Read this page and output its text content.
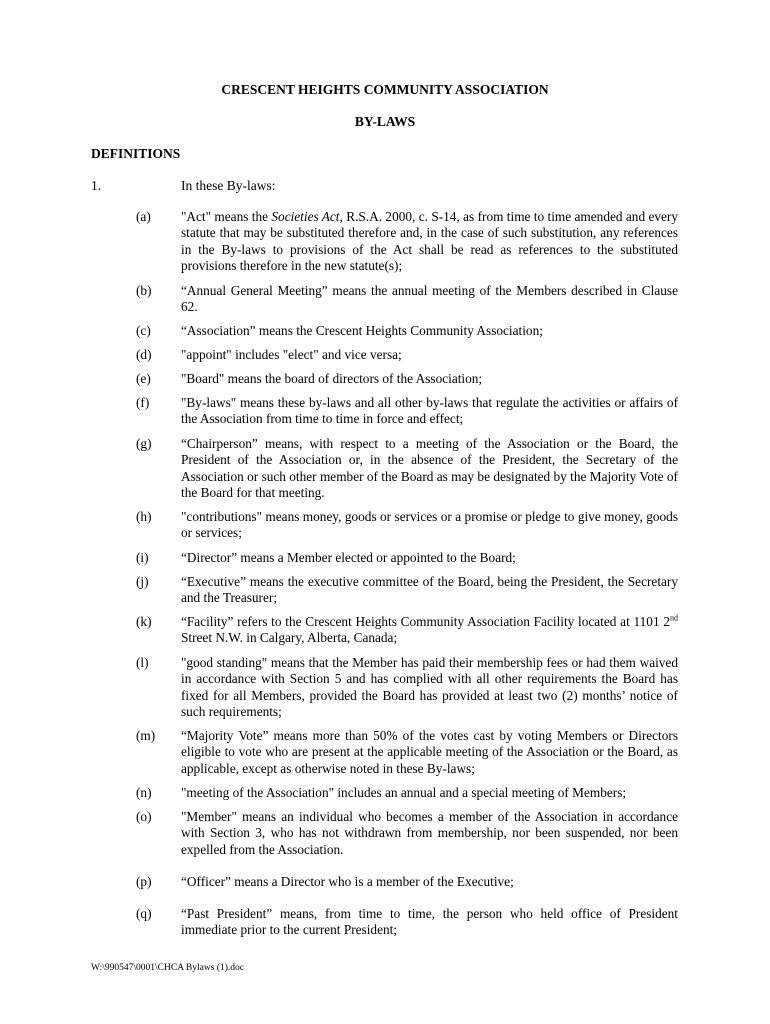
CRESCENT HEIGHTS COMMUNITY ASSOCIATION
BY-LAWS
DEFINITIONS
1.	In these By-laws:
(a) "Act" means the Societies Act, R.S.A. 2000, c. S-14, as from time to time amended and every statute that may be substituted therefore and, in the case of such substitution, any references in the By-laws to provisions of the Act shall be read as references to the substituted provisions therefore in the new statute(s);
(b) “Annual General Meeting” means the annual meeting of the Members described in Clause 62.
(c) “Association” means the Crescent Heights Community Association;
(d) "appoint" includes "elect" and vice versa;
(e) "Board" means the board of directors of the Association;
(f) "By-laws" means these by-laws and all other by-laws that regulate the activities or affairs of the Association from time to time in force and effect;
(g) “Chairperson” means, with respect to a meeting of the Association or the Board, the President of the Association or, in the absence of the President, the Secretary of the Association or such other member of the Board as may be designated by the Majority Vote of the Board for that meeting.
(h) "contributions" means money, goods or services or a promise or pledge to give money, goods or services;
(i) “Director” means a Member elected or appointed to the Board;
(j) “Executive” means the executive committee of the Board, being the President, the Secretary and the Treasurer;
(k) “Facility” refers to the Crescent Heights Community Association Facility located at 1101 2nd Street N.W. in Calgary, Alberta, Canada;
(l) "good standing" means that the Member has paid their membership fees or had them waived in accordance with Section 5 and has complied with all other requirements the Board has fixed for all Members, provided the Board has provided at least two (2) months’ notice of such requirements;
(m) “Majority Vote” means more than 50% of the votes cast by voting Members or Directors eligible to vote who are present at the applicable meeting of the Association or the Board, as applicable, except as otherwise noted in these By-laws;
(n) "meeting of the Association" includes an annual and a special meeting of Members;
(o) "Member" means an individual who becomes a member of the Association in accordance with Section 3, who has not withdrawn from membership, nor been suspended, nor been expelled from the Association.
(p) “Officer” means a Director who is a member of the Executive;
(q) “Past President” means, from time to time, the person who held office of President immediate prior to the current President;
W:\990547\0001\CHCA Bylaws (1).doc
